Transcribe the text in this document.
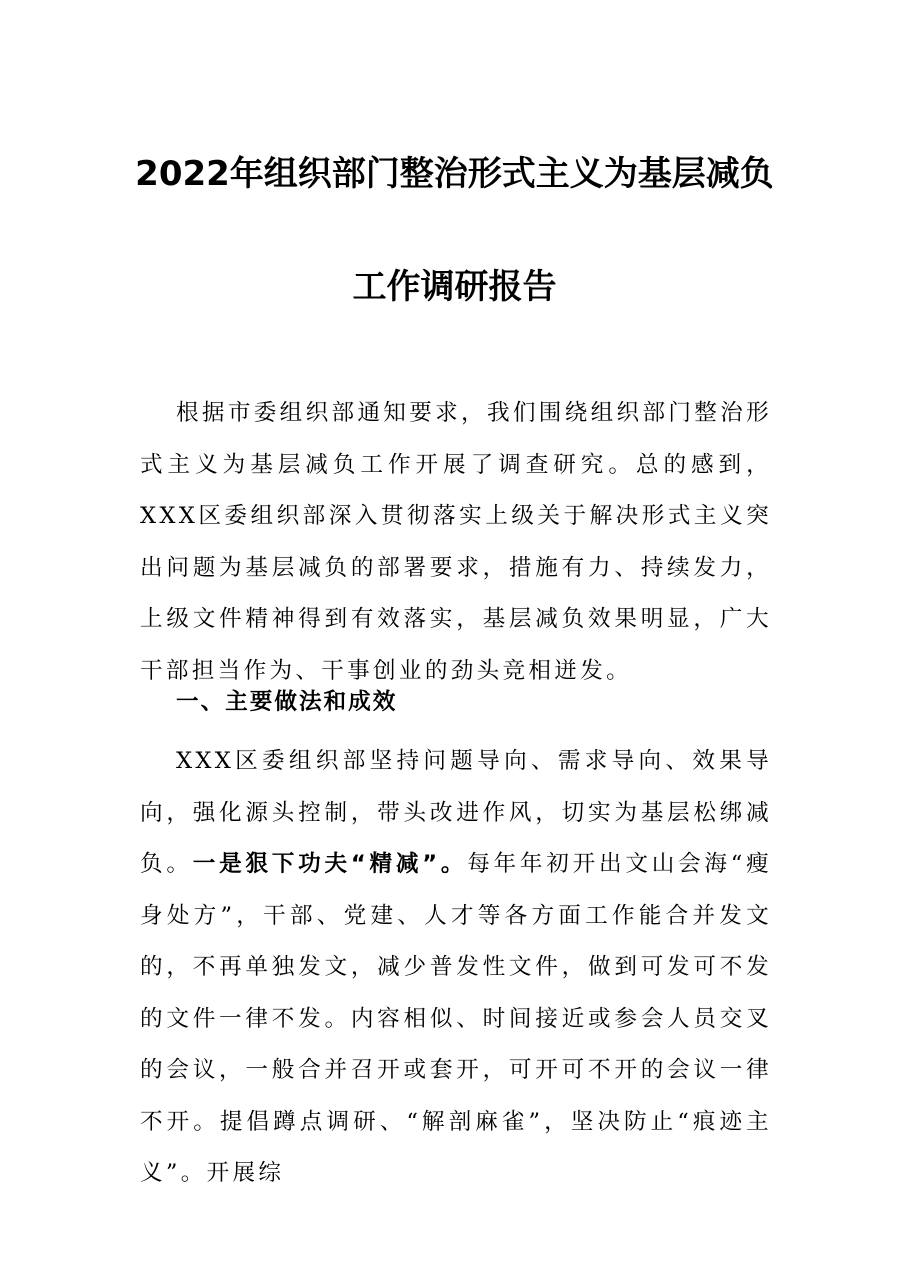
2022年组织部门整治形式主义为基层减负
工作调研报告
根据市委组织部通知要求，我们围绕组织部门整治形式主义为基层减负工作开展了调查研究。总的感到，XXX区委组织部深入贯彻落实上级关于解决形式主义突出问题为基层减负的部署要求，措施有力、持续发力，上级文件精神得到有效落实，基层减负效果明显，广大干部担当作为、干事创业的劲头竞相迸发。
一、主要做法和成效
XXX区委组织部坚持问题导向、需求导向、效果导向，强化源头控制，带头改进作风，切实为基层松绑减负。一是狠下功夫“精减”。每年年初开出文山会海“瘦身处方”，干部、党建、人才等各方面工作能合并发文的，不再单独发文，减少普发性文件，做到可发可不发的文件一律不发。内容相似、时间接近或参会人员交叉的会议，一般合并召开或套开，可开可不开的会议一律不开。提倡蹲点调研、“解剖麻雀”，坚决防止“痕迹主义”。开展综
